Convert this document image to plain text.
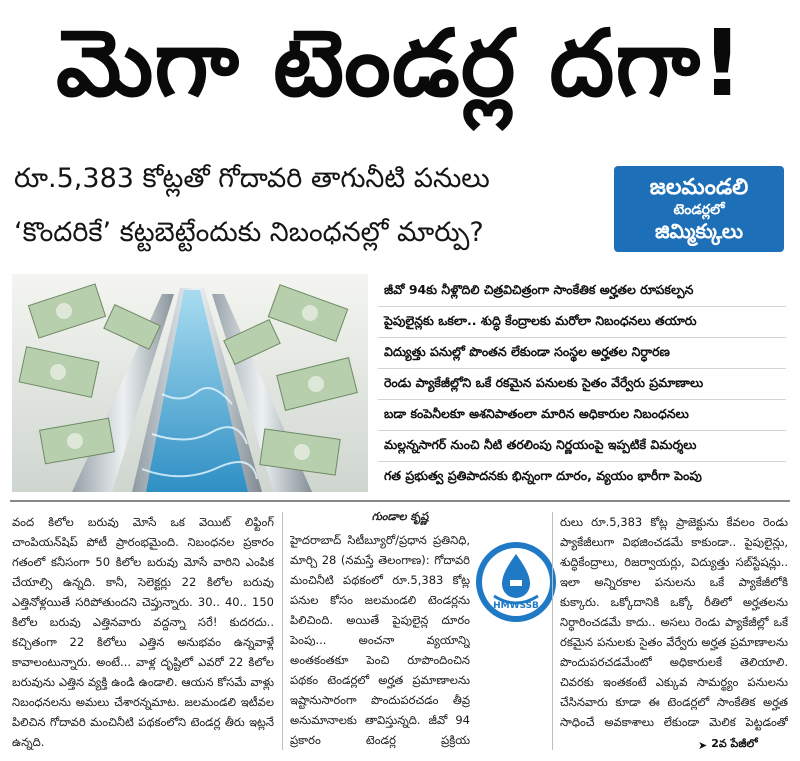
మెగా టెండర్ల దగా!
రూ.5,383 కోట్లతో గోదావరి తాగునీటి పనులు
‘కొందరికే’ కట్టబెట్టేందుకు నిబంధనల్లో మార్పు?
జలమండలి
టెండర్లలో
జిమ్మిక్కులు
జీవో 94కు నీళ్లొదిలి చిత్రవిచిత్రంగా సాంకేతిక అర్హతల రూపకల్పన
పైపులైన్లకు ఒకలా.. శుద్ధి కేంద్రాలకు మరోలా నిబంధనలు తయారు
విద్యుత్తు పనుల్లో పొంతన లేకుండా సంస్థల అర్హతల నిర్ధారణ
రెండు ప్యాకేజీల్లోని ఒకే రకమైన పనులకు సైతం వేర్వేరు ప్రమాణాలు
బడా కంపెనీలకూ అశనిపాతంలా మారిన అధికారుల నిబంధనలు
మల్లన్నసాగర్ నుంచి నీటి తరలింపు నిర్ణయంపై ఇప్పటికే విమర్శలు
గత ప్రభుత్వ ప్రతిపాదనకు భిన్నంగా దూరం, వ్యయం భారీగా పెంపు

వంద కిలోల బరువు మోసే ఒక వెయిట్ లిఫ్టింగ్ చాంపియన్‌షిప్ పోటీ ప్రారంభమైంది. నిబంధనల ప్రకారం గతంలో కనీసంగా 50 కిలోల బరువు మోసే వారిని ఎంపిక చేయాల్సి ఉన్నది. కానీ, సెలెక్టర్లు 22 కిలోల బరువు ఎత్తినోళ్లయితే సరిపోతుందని చెప్తున్నారు. 30.. 40.. 150 కిలోల బరువు ఎత్తినవారు వద్దన్నా సరే! కుదరదు.. కచ్చితంగా 22 కిలోలు ఎత్తిన అనుభవం ఉన్నవాళ్లే కావాలంటున్నారు. అంటే... వాళ్ల దృష్టిలో ఎవరో 22 కిలోల బరువును ఎత్తిన వ్యక్తి ఉండి ఉండాలి. ఆయన కోసమే వాళ్లు నిబంధనలను అమలు చేశారన్నమాట. జలమండలి ఇటీవల పిలిచిన గోదావరి మంచినీటి పథకంలోని టెండర్ల తీరు ఇట్లనే ఉన్నది.

గుండాల కృష్ణ

హైదరాబాద్ సిటీబ్యూరో/ప్రధాన ప్రతినిధి, మార్చి 28 (నమస్తే తెలంగాణ): గోదావరి మంచినీటి పథకంలో రూ.5,383 కోట్ల పనుల కోసం జలమండలి టెండర్లను పిలిచింది. అయితే పైపులైన్ల దూరం పెంపు... అంచనా వ్యయాన్ని అంతకంతకూ పెంచి రూపొందించిన పథకం టెండర్లలో అర్హత ప్రమాణాలను ఇష్టానుసారంగా పొందుపరచడం తీవ్ర అనుమానాలకు తావిస్తున్నది. జీవో 94 ప్రకారం టెండర్ల ప్రక్రియ

HMWSSB

రులు రూ.5,383 కోట్ల ప్రాజెక్టును కేవలం రెండు ప్యాకేజీలుగా విభజించడమే కాకుండా.. పైపులైన్లు, శుద్ధికేంద్రాలు, రిజర్వాయర్లు, విద్యుత్తు సబ్‌స్టేషన్లు.. ఇలా అన్నిరకాల పనులను ఒకే ప్యాకేజీలోకి కుక్కారు. ఒక్కోదానికి ఒక్కో రీతిలో అర్హతలను నిర్ధారించడమే కాదు.. అసలు రెండు ప్యాకేజీల్లో ఒకే రకమైన పనులకు సైతం వేర్వేరు అర్హత ప్రమాణాలను పొందుపరచడమేంటో అధికారులకే తెలియాలి. చివరకు ఇంతకంటే ఎక్కువ సామర్థ్యం పనులను చేసినవారు కూడా ఈ టెండర్లలో సాంకేతిక అర్హత సాధించే అవకాశాలు లేకుండా మెలిక పెట్టడంతో

➤ 2వ పేజీలో
